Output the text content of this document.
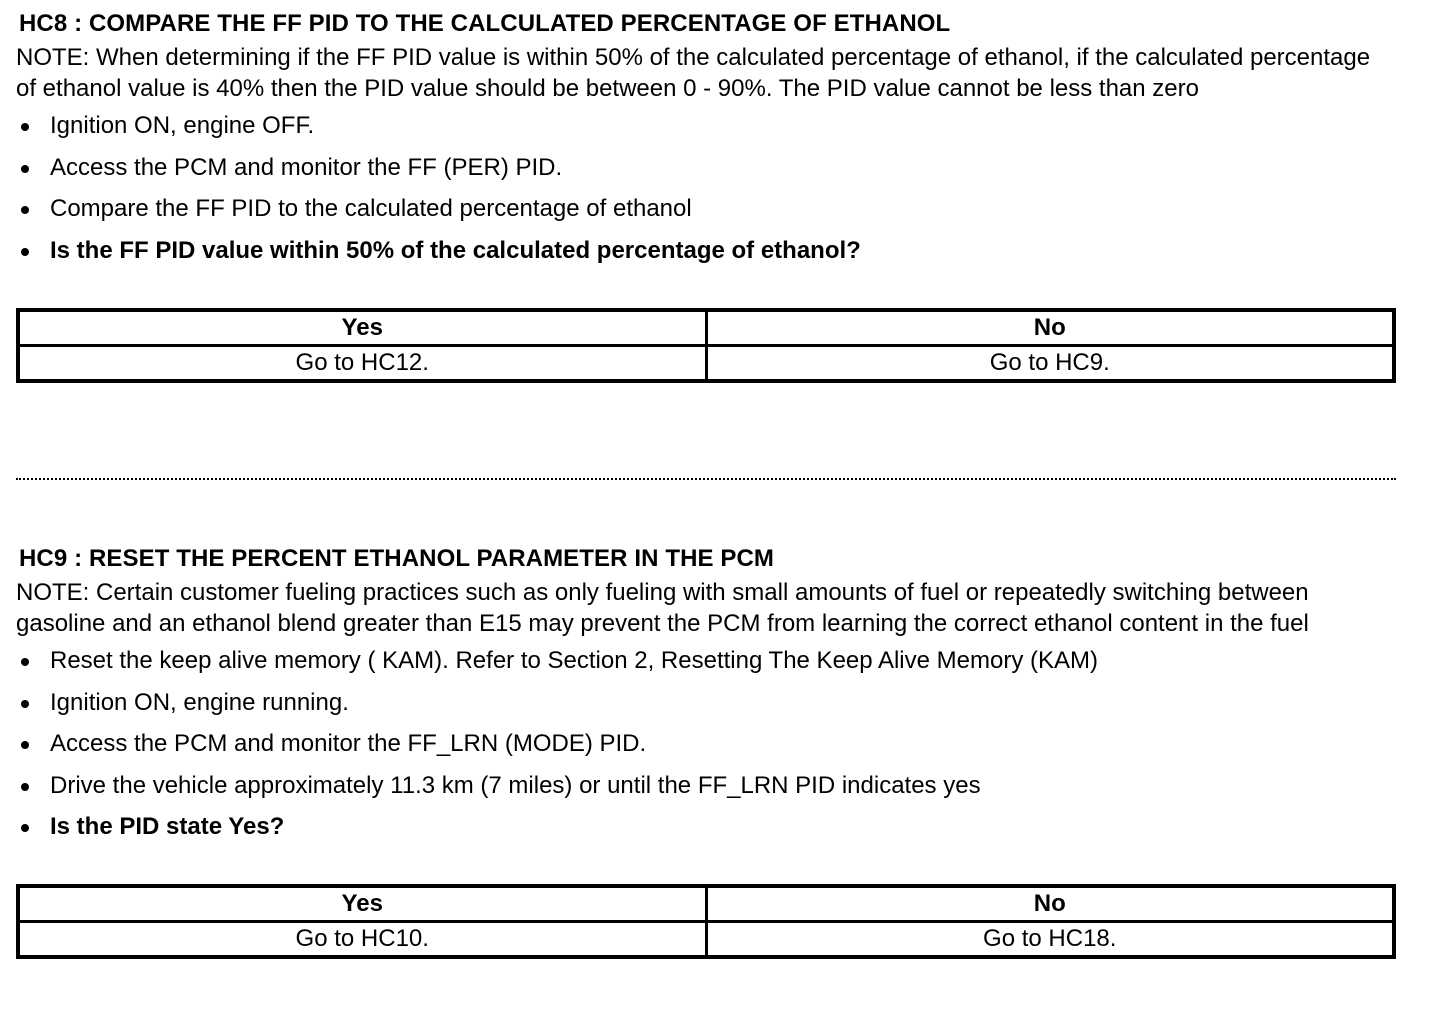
HC8 : COMPARE THE FF PID TO THE CALCULATED PERCENTAGE OF ETHANOL
NOTE: When determining if the FF PID value is within 50% of the calculated percentage of ethanol, if the calculated percentage of ethanol value is 40% then the PID value should be between 0 - 90%. The PID value cannot be less than zero
Ignition ON, engine OFF.
Access the PCM and monitor the FF (PER) PID.
Compare the FF PID to the calculated percentage of ethanol
Is the FF PID value within 50% of the calculated percentage of ethanol?
Yes	No
Go to HC12.	Go to HC9.
HC9 : RESET THE PERCENT ETHANOL PARAMETER IN THE PCM
NOTE: Certain customer fueling practices such as only fueling with small amounts of fuel or repeatedly switching between gasoline and an ethanol blend greater than E15 may prevent the PCM from learning the correct ethanol content in the fuel
Reset the keep alive memory ( KAM). Refer to Section 2, Resetting The Keep Alive Memory (KAM)
Ignition ON, engine running.
Access the PCM and monitor the FF_LRN (MODE) PID.
Drive the vehicle approximately 11.3 km (7 miles) or until the FF_LRN PID indicates yes
Is the PID state Yes?
Yes	No
Go to HC10.	Go to HC18.
